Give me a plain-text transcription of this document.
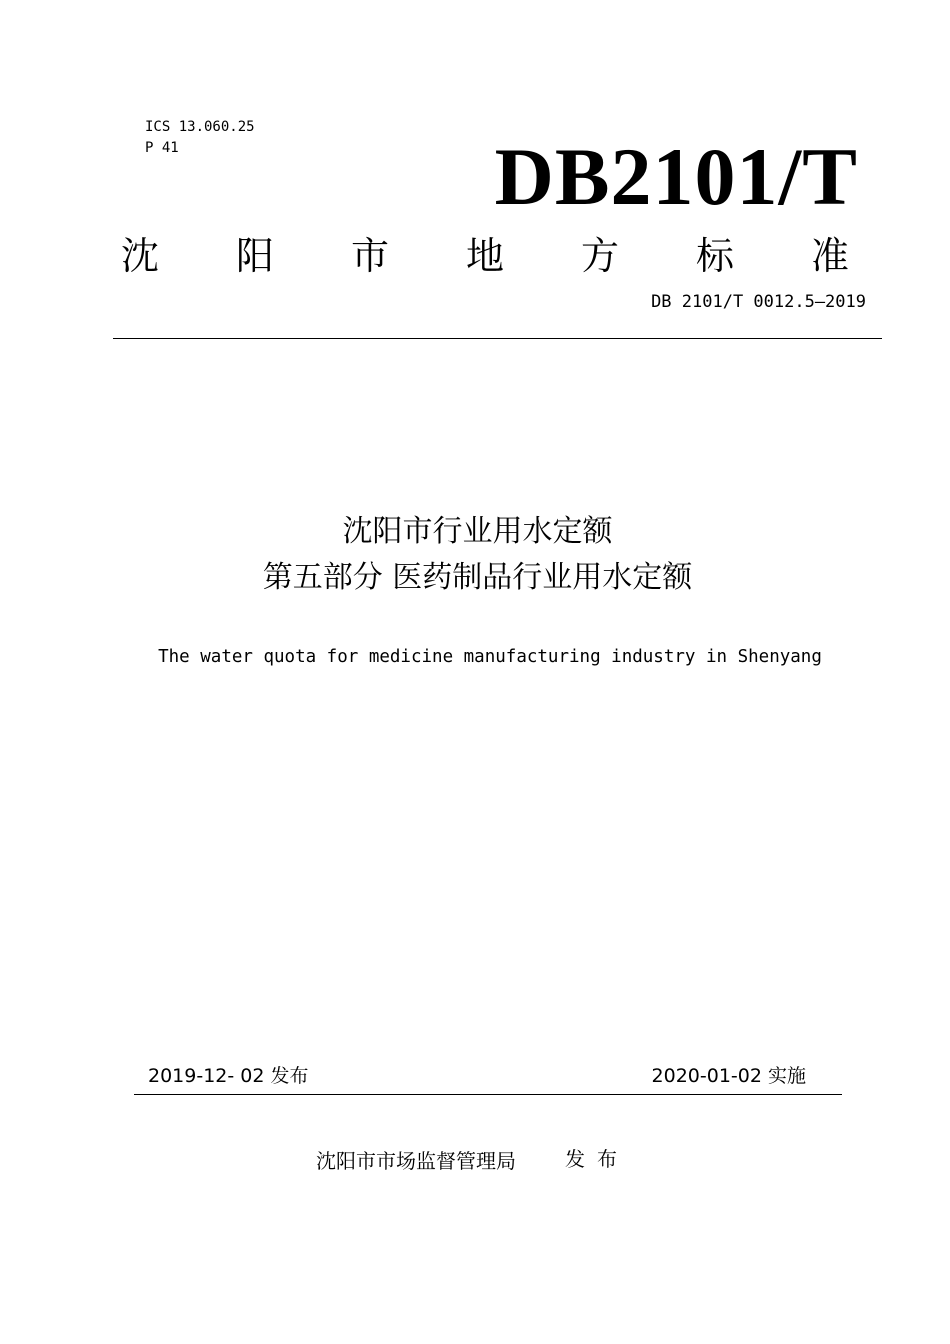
ICS 13.060.25
P 41	DB2101/T
沈 阳 市 地 方 标 准
DB 2101/T 0012.5—2019
沈阳市行业用水定额
第五部分 医药制品行业用水定额
The water quota for medicine manufacturing industry in Shenyang
2019-12- 02 发布	2020-01-02 实施
沈阳市市场监督管理局 发布
